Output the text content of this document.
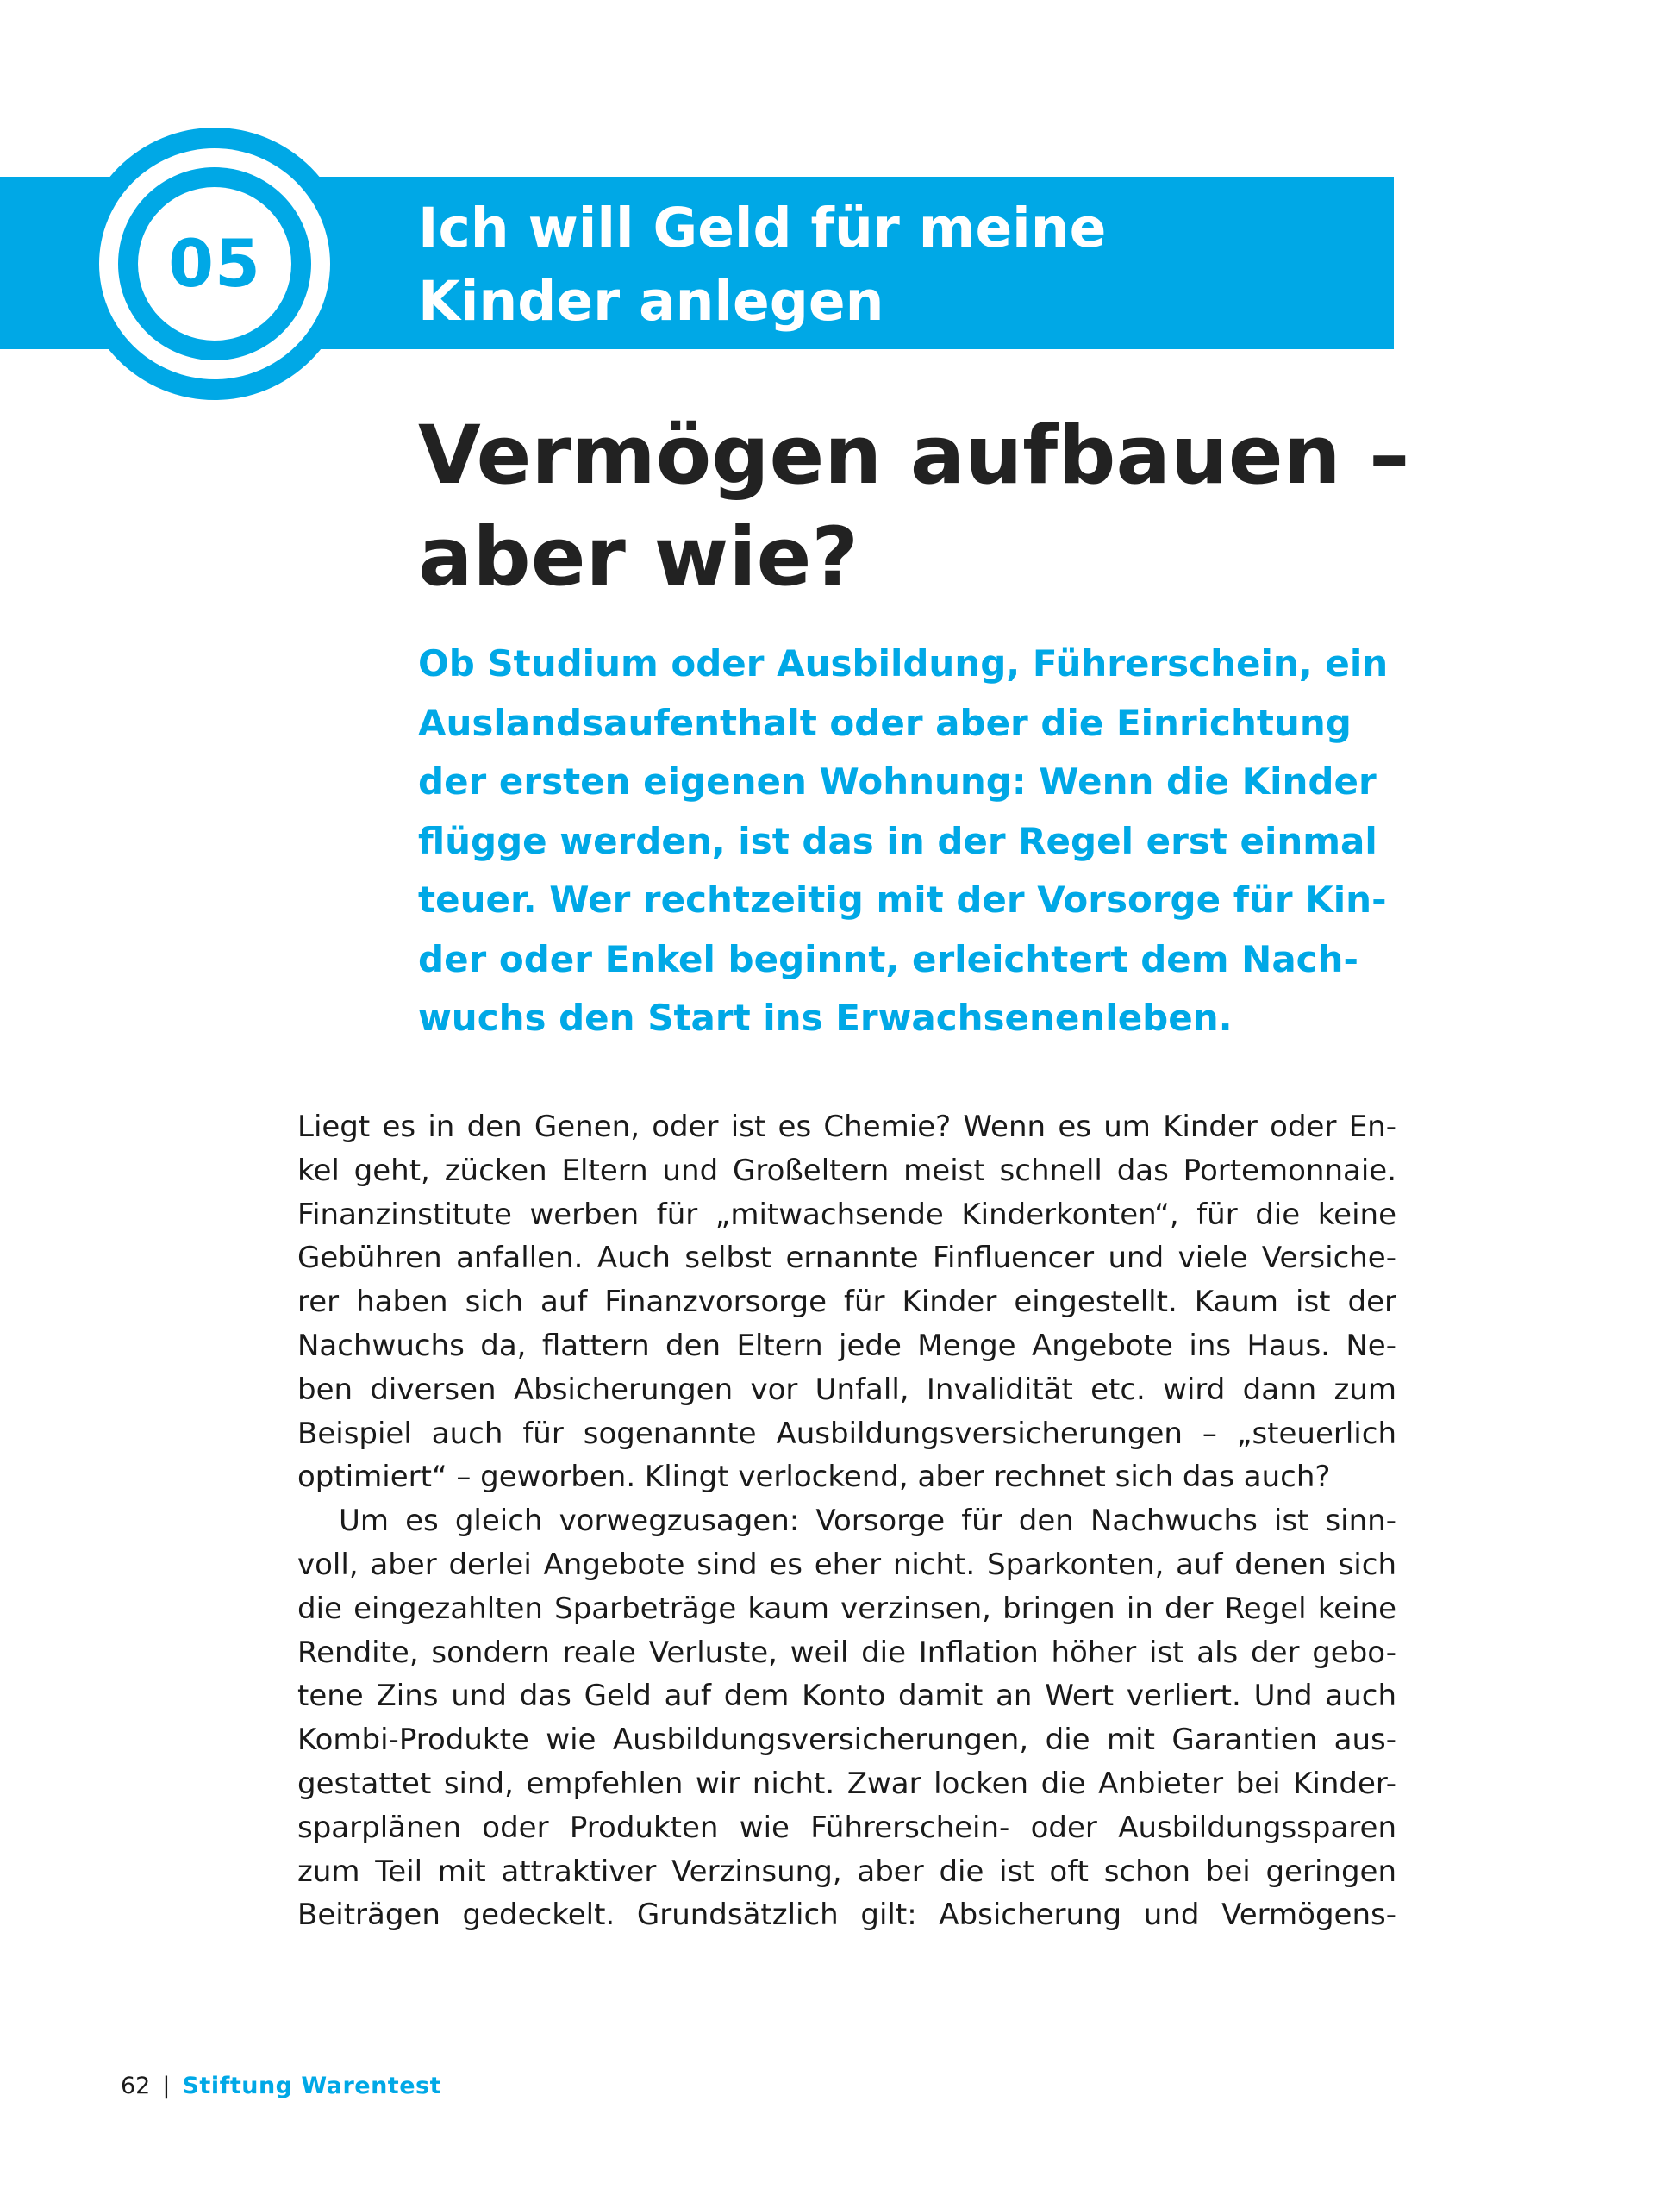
05	Ich will Geld für meine
Kinder anlegen
Vermögen aufbauen –
aber wie?
Ob Studium oder Ausbildung, Führerschein, ein
Auslandsaufenthalt oder aber die Einrichtung
der ersten eigenen Wohnung: Wenn die Kinder
flügge werden, ist das in der Regel erst einmal
teuer. Wer rechtzeitig mit der Vorsorge für Kin-
der oder Enkel beginnt, erleichtert dem Nach-
wuchs den Start ins Erwachsenenleben.
Liegt es in den Genen, oder ist es Chemie? Wenn es um Kinder oder En-
kel geht, zücken Eltern und Großeltern meist schnell das Portemonnaie.
Finanzinstitute werben für „mitwachsende Kinderkonten“, für die keine
Gebühren anfallen. Auch selbst ernannte Finfluencer und viele Versiche-
rer haben sich auf Finanzvorsorge für Kinder eingestellt. Kaum ist der
Nachwuchs da, flattern den Eltern jede Menge Angebote ins Haus. Ne-
ben diversen Absicherungen vor Unfall, Invalidität etc. wird dann zum
Beispiel auch für sogenannte Ausbildungsversicherungen – „steuerlich
optimiert“ – geworben. Klingt verlockend, aber rechnet sich das auch?
Um es gleich vorwegzusagen: Vorsorge für den Nachwuchs ist sinn-
voll, aber derlei Angebote sind es eher nicht. Sparkonten, auf denen sich
die eingezahlten Sparbeträge kaum verzinsen, bringen in der Regel keine
Rendite, sondern reale Verluste, weil die Inflation höher ist als der gebo-
tene Zins und das Geld auf dem Konto damit an Wert verliert. Und auch
Kombi-Produkte wie Ausbildungsversicherungen, die mit Garantien aus-
gestattet sind, empfehlen wir nicht. Zwar locken die Anbieter bei Kinder-
sparplänen oder Produkten wie Führerschein- oder Ausbildungssparen
zum Teil mit attraktiver Verzinsung, aber die ist oft schon bei geringen
Beiträgen gedeckelt. Grundsätzlich gilt: Absicherung und Vermögens-
62 | Stiftung Warentest
